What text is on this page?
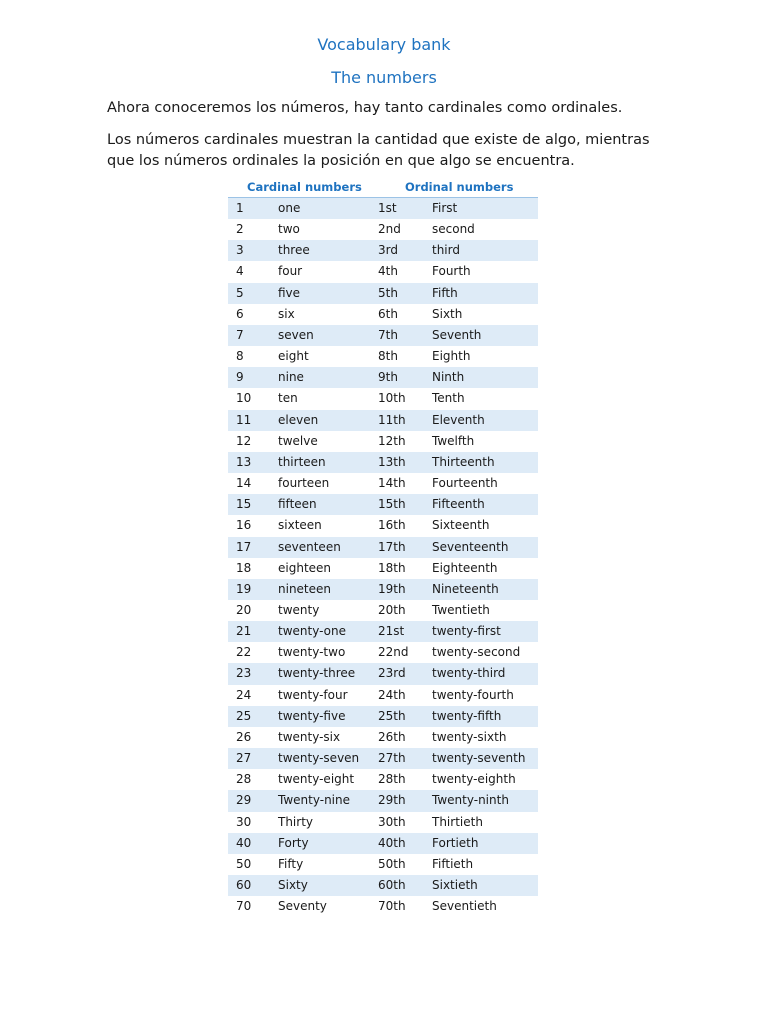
Vocabulary bank
The numbers

Ahora conoceremos los números, hay tanto cardinales como ordinales.

Los números cardinales muestran la cantidad que existe de algo, mientras
que los números ordinales la posición en que algo se encuentra.

Cardinal numbers	Ordinal numbers
1	one	1st	First
2	two	2nd	second
3	three	3rd	third
4	four	4th	Fourth
5	five	5th	Fifth
6	six	6th	Sixth
7	seven	7th	Seventh
8	eight	8th	Eighth
9	nine	9th	Ninth
10 ten	10th Tenth
11 eleven	11th Eleventh
12 twelve	12th Twelfth
13 thirteen	13th Thirteenth
14 fourteen	14th Fourteenth
15 fifteen	15th Fifteenth
16 sixteen	16th Sixteenth
17 seventeen	17th Seventeenth
18 eighteen	18th Eighteenth
19 nineteen	19th Nineteenth
20 twenty	20th Twentieth
21 twenty-one	21st twenty-first
22 twenty-two	22nd twenty-second
23 twenty-three 23rd twenty-third
24 twenty-four	24th twenty-fourth
25 twenty-five	25th twenty-fifth
26 twenty-six	26th twenty-sixth
27 twenty-seven 27th twenty-seventh
28 twenty-eight 28th twenty-eighth
29 Twenty-nine 29th Twenty-ninth
30 Thirty	30th Thirtieth
40 Forty	40th Fortieth
50 Fifty	50th Fiftieth
60 Sixty	60th Sixtieth
70 Seventy	70th Seventieth
